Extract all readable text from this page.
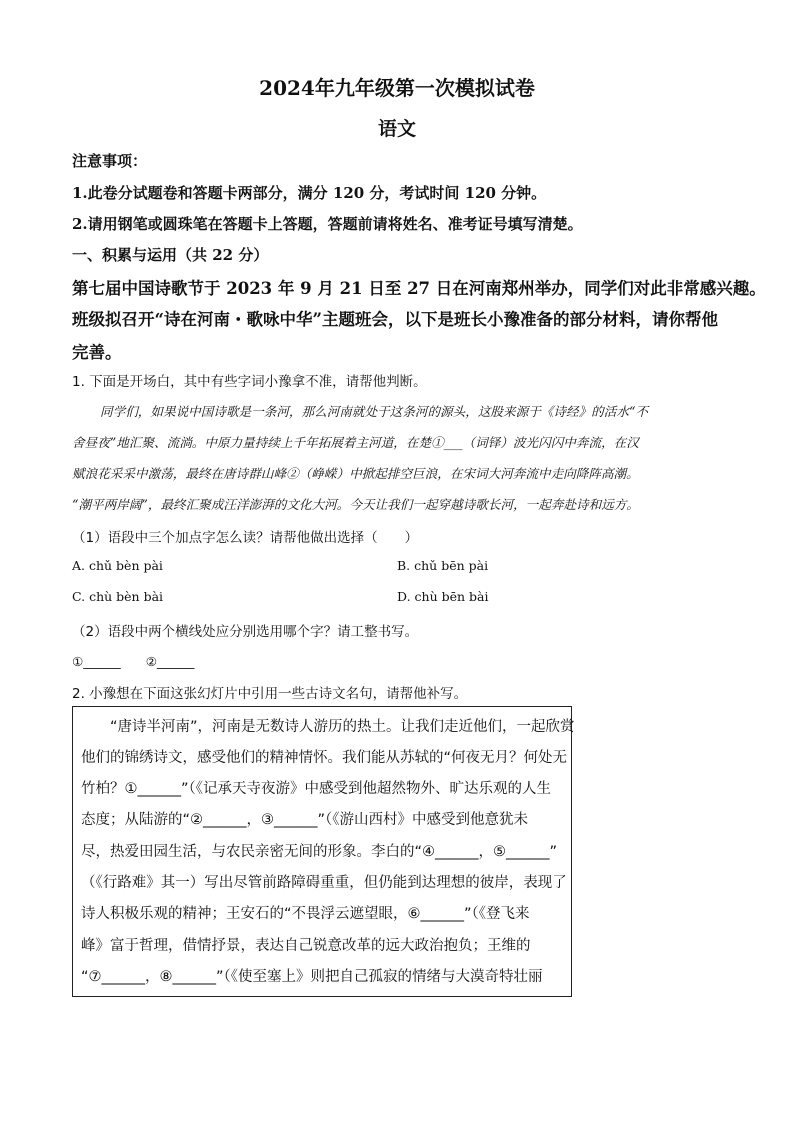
2024年九年级第一次模拟试卷
语文
注意事项：
1.此卷分试题卷和答题卡两部分，满分 120 分，考试时间 120 分钟。
2.请用钢笔或圆珠笔在答题卡上答题，答题前请将姓名、准考证号填写清楚。
一、积累与运用（共 22 分）
第七届中国诗歌节于 2023 年 9 月 21 日至 27 日在河南郑州举办，同学们对此非常感兴趣。
班级拟召开“诗在河南・歌咏中华”主题班会，以下是班长小豫准备的部分材料，请你帮他
完善。
1. 下面是开场白，其中有些字词小豫拿不准，请帮他判断。
同学们，如果说中国诗歌是一条河，那么河南就处于这条河的源头，这股来源于《诗经》的活水“不
舍昼夜”地汇聚、流淌。中原力量持续上千年拓展着主河道，在楚①___（词铎）波光闪闪中奔流，在汉
赋浪花采采中激荡，最终在唐诗群山峰②（峥嵘）中掀起排空巨浪，在宋词大河奔流中走向降阵高潮。
“潮平两岸阔”，最终汇聚成汪洋澎湃的文化大河。今天让我们一起穿越诗歌长河，一起奔赴诗和远方。
（1）语段中三个加点字怎么读？请帮他做出选择（　　）
A. chǔ bèn pài	B. chǔ bēn pài
C. chù bèn bài	D. chù bēn bài
（2）语段中两个横线处应分别选用哪个字？请工整书写。
①______　　②______
2. 小豫想在下面这张幻灯片中引用一些古诗文名句，请帮他补写。
　　“唐诗半河南”，河南是无数诗人游历的热土。让我们走近他们，一起欣赏
他们的锦绣诗文，感受他们的精神情怀。我们能从苏轼的“何夜无月？何处无
竹柏？①______”（《记承天寺夜游》中感受到他超然物外、旷达乐观的人生
态度；从陆游的“②______，③______”（《游山西村》中感受到他意犹未
尽，热爱田园生活，与农民亲密无间的形象。李白的“④______，⑤______”
（《行路难》其一）写出尽管前路障碍重重，但仍能到达理想的彼岸，表现了
诗人积极乐观的精神；王安石的“不畏浮云遮望眼，⑥______”（《登飞来
峰》富于哲理，借情抒景，表达自己锐意改革的远大政治抱负；王维的
“⑦______，⑧______”（《使至塞上》则把自己孤寂的情绪与大漠奇特壮丽
